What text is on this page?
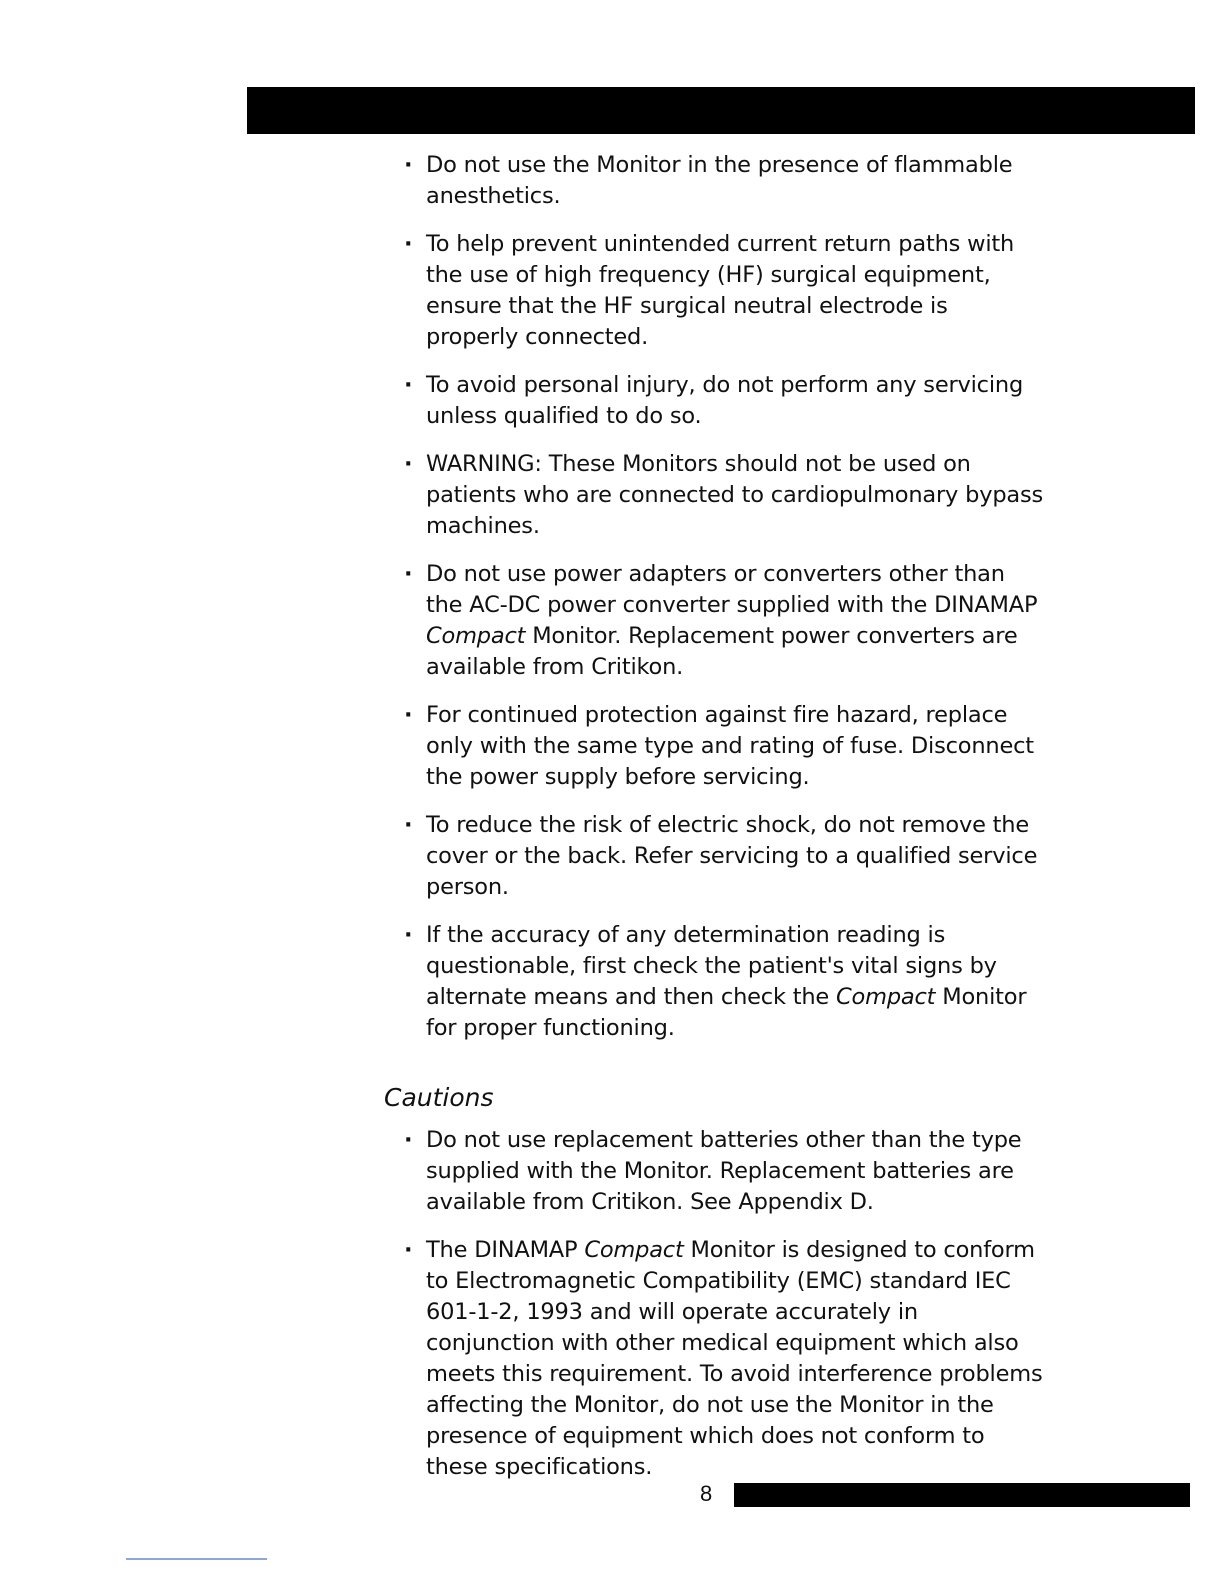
· Do not use the Monitor in the presence of flammable anesthetics.
· To help prevent unintended current return paths with the use of high frequency (HF) surgical equipment, ensure that the HF surgical neutral electrode is properly connected.
· To avoid personal injury, do not perform any servicing unless qualified to do so.
· WARNING: These Monitors should not be used on patients who are connected to cardiopulmonary bypass machines.
· Do not use power adapters or converters other than the AC-DC power converter supplied with the DINAMAP Compact Monitor. Replacement power converters are available from Critikon.
· For continued protection against fire hazard, replace only with the same type and rating of fuse. Disconnect the power supply before servicing.
· To reduce the risk of electric shock, do not remove the cover or the back. Refer servicing to a qualified service person.
· If the accuracy of any determination reading is questionable, first check the patient's vital signs by alternate means and then check the Compact Monitor for proper functioning.
Cautions
· Do not use replacement batteries other than the type supplied with the Monitor. Replacement batteries are available from Critikon. See Appendix D.
· The DINAMAP Compact Monitor is designed to conform to Electromagnetic Compatibility (EMC) standard IEC 601-1-2, 1993 and will operate accurately in conjunction with other medical equipment which also meets this requirement. To avoid interference problems affecting the Monitor, do not use the Monitor in the presence of equipment which does not conform to these specifications.
8
